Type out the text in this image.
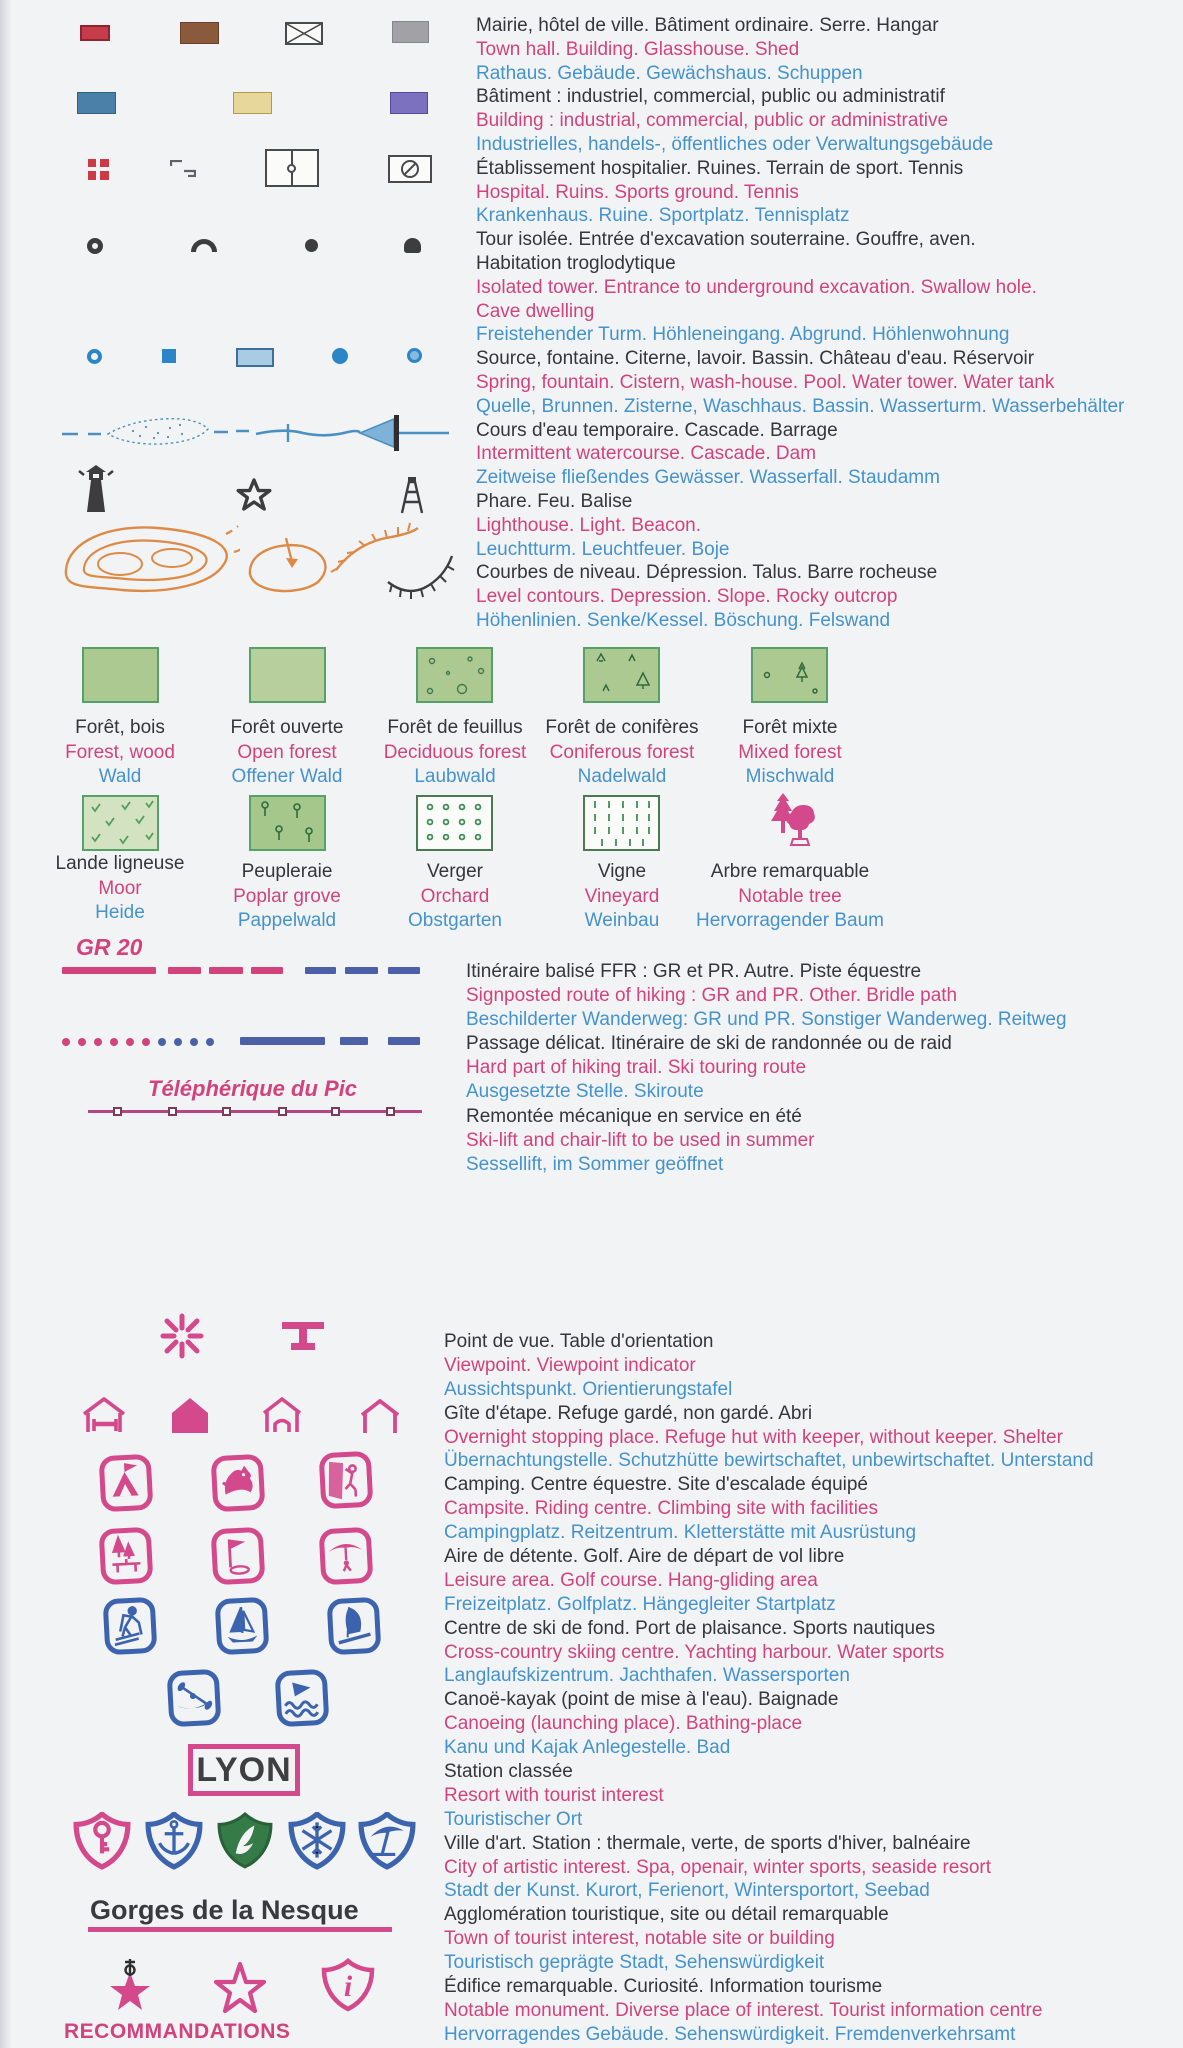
Mairie, hôtel de ville. Bâtiment ordinaire. Serre. Hangar
Town hall. Building. Glasshouse. Shed
Rathaus. Gebäude. Gewächshaus. Schuppen
Bâtiment : industriel, commercial, public ou administratif
Building : industrial, commercial, public or administrative
Industrielles, handels-, öffentliches oder Verwaltungsgebäude
Établissement hospitalier. Ruines. Terrain de sport. Tennis
Hospital. Ruins. Sports ground. Tennis
Krankenhaus. Ruine. Sportplatz. Tennisplatz
Tour isolée. Entrée d'excavation souterraine. Gouffre, aven.
Habitation troglodytique
Isolated tower. Entrance to underground excavation. Swallow hole.
Cave dwelling
Freistehender Turm. Höhleneingang. Abgrund. Höhlenwohnung
Source, fontaine. Citerne, lavoir. Bassin. Château d'eau. Réservoir
Spring, fountain. Cistern, wash-house. Pool. Water tower. Water tank
Quelle, Brunnen. Zisterne, Waschhaus. Bassin. Wasserturm. Wasserbehälter
Cours d'eau temporaire. Cascade. Barrage
Intermittent watercourse. Cascade. Dam
Zeitweise fließendes Gewässer. Wasserfall. Staudamm
Phare. Feu. Balise
Lighthouse. Light. Beacon.
Leuchtturm. Leuchtfeuer. Boje
Courbes de niveau. Dépression. Talus. Barre rocheuse
Level contours. Depression. Slope. Rocky outcrop
Höhenlinien. Senke/Kessel. Böschung. Felswand
Forêt, bois
Forest, wood
Wald
Forêt ouverte
Open forest
Offener Wald
Forêt de feuillus
Deciduous forest
Laubwald
Forêt de conifères
Coniferous forest
Nadelwald
Forêt mixte
Mixed forest
Mischwald
Lande ligneuse
Moor
Heide
Peupleraie
Poplar grove
Pappelwald
Verger
Orchard
Obstgarten
Vigne
Vineyard
Weinbau
Arbre remarquable
Notable tree
Hervorragender Baum
GR 20
Téléphérique du Pic
Itinéraire balisé FFR : GR et PR. Autre. Piste équestre
Signposted route of hiking : GR and PR. Other. Bridle path
Beschilderter Wanderweg: GR und PR. Sonstiger Wanderweg. Reitweg
Passage délicat. Itinéraire de ski de randonnée ou de raid
Hard part of hiking trail. Ski touring route
Ausgesetzte Stelle. Skiroute
Remontée mécanique en service en été
Ski-lift and chair-lift to be used in summer
Sessellift, im Sommer geöffnet
LYON
Gorges de la Nesque
i
RECOMMANDATIONS
Point de vue. Table d'orientation
Viewpoint. Viewpoint indicator
Aussichtspunkt. Orientierungstafel
Gîte d'étape. Refuge gardé, non gardé. Abri
Overnight stopping place. Refuge hut with keeper, without keeper. Shelter
Übernachtungstelle. Schutzhütte bewirtschaftet, unbewirtschaftet. Unterstand
Camping. Centre équestre. Site d'escalade équipé
Campsite. Riding centre. Climbing site with facilities
Campingplatz. Reitzentrum. Kletterstätte mit Ausrüstung
Aire de détente. Golf. Aire de départ de vol libre
Leisure area. Golf course. Hang-gliding area
Freizeitplatz. Golfplatz. Hängegleiter Startplatz
Centre de ski de fond. Port de plaisance. Sports nautiques
Cross-country skiing centre. Yachting harbour. Water sports
Langlaufskizentrum. Jachthafen. Wassersporten
Canoë-kayak (point de mise à l'eau). Baignade
Canoeing (launching place). Bathing-place
Kanu und Kajak Anlegestelle. Bad
Station classée
Resort with tourist interest
Touristischer Ort
Ville d'art. Station : thermale, verte, de sports d'hiver, balnéaire
City of artistic interest. Spa, openair, winter sports, seaside resort
Stadt der Kunst. Kurort, Ferienort, Wintersportort, Seebad
Agglomération touristique, site ou détail remarquable
Town of tourist interest, notable site or building
Touristisch geprägte Stadt, Sehenswürdigkeit
Édifice remarquable. Curiosité. Information tourisme
Notable monument. Diverse place of interest. Tourist information centre
Hervorragendes Gebäude. Sehenswürdigkeit. Fremdenverkehrsamt
